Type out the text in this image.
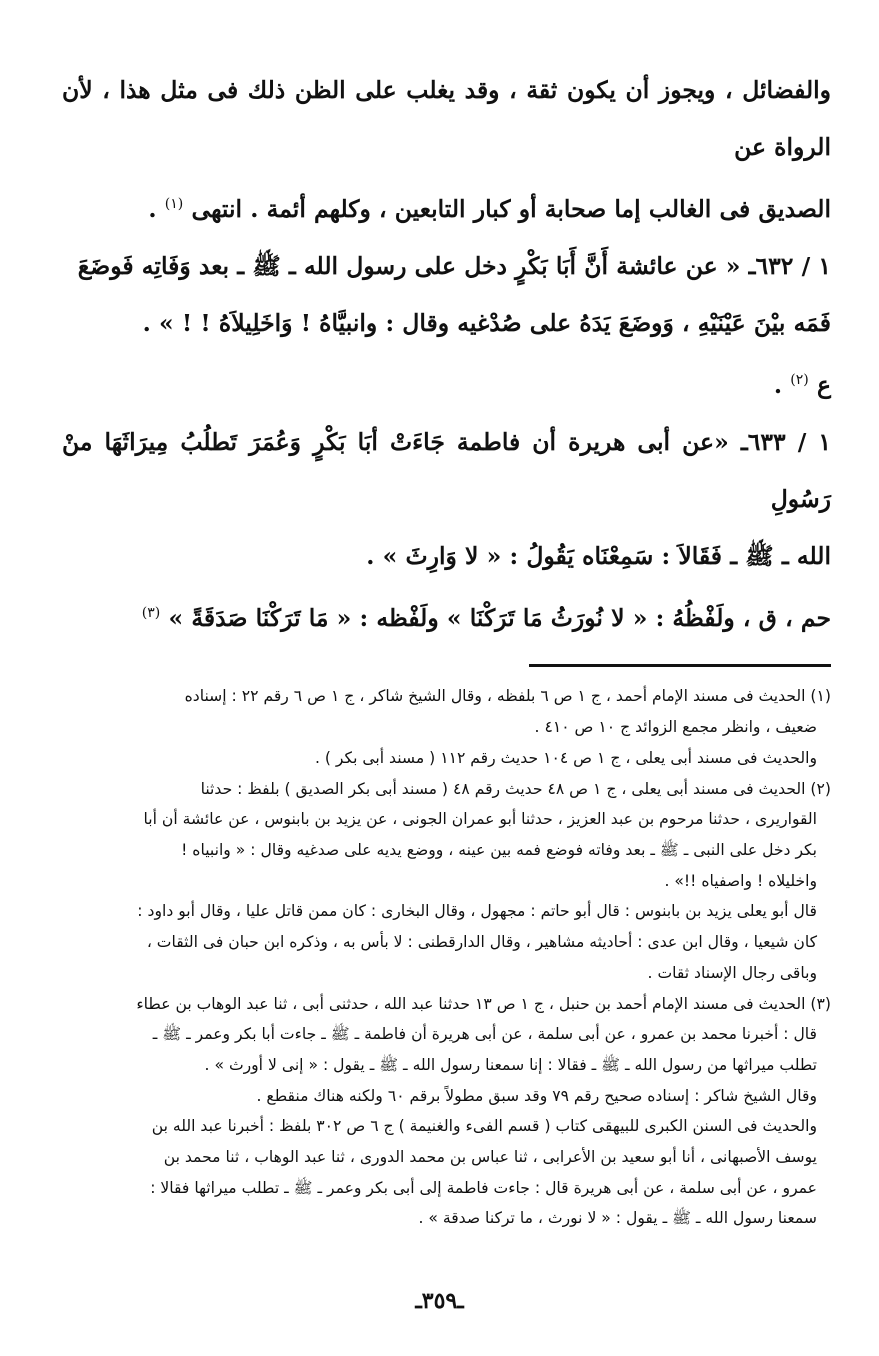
والفضائل ، ويجوز أن يكون ثقة ، وقد يغلب على الظن ذلك فى مثل هذا ، لأن الرواة عن

الصديق فى الغالب إما صحابة أو كبار التابعين ، وكلهم أئمة . انتهى $^{(١)}$ .

١ / ٦٣٢ـ « عن عائشة أَنَّ أَبَا بَكْرٍ دخل على رسول الله ـ ﷺ ـ بعد وَفَاتِه فَوضَعَ

فَمَه بيْنَ عَيْنَيْهِ ، وَوضَعَ يَدَهُ على صُدْغيه وقال : وانبيَّاهُ ! وَاخَلِيلاَهُ ! ! » .

ع $^{(٢)}$ .

١ / ٦٣٣ـ «عن أبى هريرة أن فاطمة جَاءَتْ أبَا بَكْرٍ وَعُمَرَ تَطلُبُ مِيرَاثَهَا منْ رَسُولِ

الله ـ ﷺ ـ فَقَالاَ : سَمِعْنَاه يَقُولُ : « لا وَارِثَ » .

حم ، ق ، ولَفْظُهُ : « لا نُورَثُ مَا تَرَكْنَا » ولَفْظه : « مَا تَرَكْنَا صَدَقَةً » $^{(٣)}$

(١) الحديث فى مسند الإمام أحمد ، ج ١ ص ٦ بلفظه ، وقال الشيخ شاكر ، ج ١ ص ٦ رقم ٢٢ : إسناده

ضعيف ، وانظر مجمع الزوائد ج ١٠ ص ٤١٠ .

والحديث فى مسند أبى يعلى ، ج ١ ص ١٠٤ حديث رقم ١١٢ ( مسند أبى بكر ) .

(٢) الحديث فى مسند أبى يعلى ، ج ١ ص ٤٨ حديث رقم ٤٨ ( مسند أبى بكر الصديق ) بلفظ : حدثنا

القواريرى ، حدثنا مرحوم بن عبد العزيز ، حدثنا أبو عمران الجونى ، عن يزيد بن بابنوس ، عن عائشة أن أبا

بكر دخل على النبى ـ ﷺ ـ بعد وفاته فوضع فمه بين عينه ، ووضع يديه على صدغيه وقال : « وانبياه !

واخليلاه ! واصفياه !!» .

قال أبو يعلى يزيد بن بابنوس : قال أبو حاتم : مجهول ، وقال البخارى : كان ممن قاتل عليا ، وقال أبو داود :

كان شيعيا ، وقال ابن عدى : أحاديثه مشاهير ، وقال الدارقطنى : لا بأس به ، وذكره ابن حبان فى الثقات ،

وباقى رجال الإسناد ثقات .

(٣) الحديث فى مسند الإمام أحمد بن حنبل ، ج ١ ص ١٣ حدثنا عبد الله ، حدثنى أبى ، ثنا عبد الوهاب بن عطاء

قال : أخبرنا محمد بن عمرو ، عن أبى سلمة ، عن أبى هريرة أن فاطمة ـ ﷺ ـ جاءت أبا بكر وعمر ـ ﷺ ـ

تطلب ميراثها من رسول الله ـ ﷺ ـ فقالا : إنا سمعنا رسول الله ـ ﷺ ـ يقول : « إنى لا أورث » .

وقال الشيخ شاكر : إسناده صحيح رقم ٧٩ وقد سبق مطولاً برقم ٦٠ ولكنه هناك منقطع .

والحديث فى السنن الكبرى للبيهقى كتاب ( قسم الفىء والغنيمة ) ج ٦ ص ٣٠٢ بلفظ : أخبرنا عبد الله بن

يوسف الأصبهانى ، أنا أبو سعيد بن الأعرابى ، ثنا عباس بن محمد الدورى ، ثنا عبد الوهاب ، ثنا محمد بن

عمرو ، عن أبى سلمة ، عن أبى هريرة قال : جاءت فاطمة إلى أبى بكر وعمر ـ ﷺ ـ تطلب ميراثها فقالا :

سمعنا رسول الله ـ ﷺ ـ يقول : « لا نورث ، ما تركنا صدقة » .

ـ٣٥٩ـ
